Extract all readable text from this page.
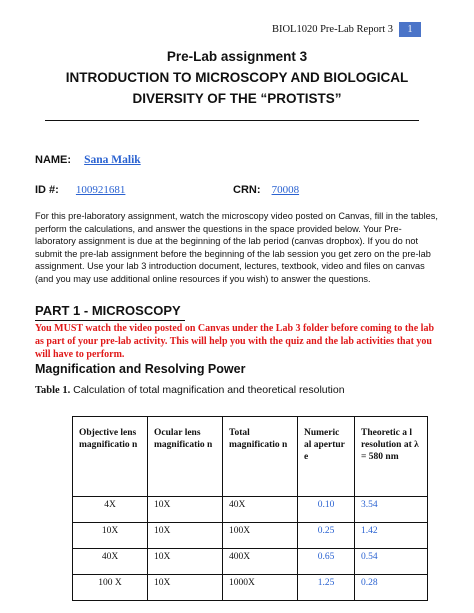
BIOL1020 Pre-Lab Report 3	1
Pre-Lab assignment 3
INTRODUCTION TO MICROSCOPY AND BIOLOGICAL
DIVERSITY OF THE “PROTISTS”
NAME: Sana Malik
ID #: 100921681	CRN: 70008
For this pre-laboratory assignment, watch the microscopy video posted on Canvas, fill in the tables, perform the calculations, and answer the questions in the space provided below. Your Pre-laboratory assignment is due at the beginning of the lab period (canvas dropbox). If you do not submit the pre-lab assignment before the beginning of the lab session you get zero on the pre-lab assignment. Use your lab 3 introduction document, lectures, textbook, video and files on canvas (and you may use additional online resources if you wish) to answer the questions.
PART 1 - MICROSCOPY
You MUST watch the video posted on Canvas under the Lab 3 folder before coming to the lab as part of your pre-lab activity. This will help you with the quiz and the lab activities that you will have to perform.
Magnification and Resolving Power
Table 1. Calculation of total magnification and theoretical resolution
Objective lens magnificatio n	Ocular lens magnificatio n	Total magnificatio n	Numeric al apertur e	Theoretic a l resolution at λ = 580 nm
4X	10X	40X	0.10	3.54
10X	10X	100X	0.25	1.42
40X	10X	400X	0.65	0.54
100 X	10X	1000X	1.25	0.28
